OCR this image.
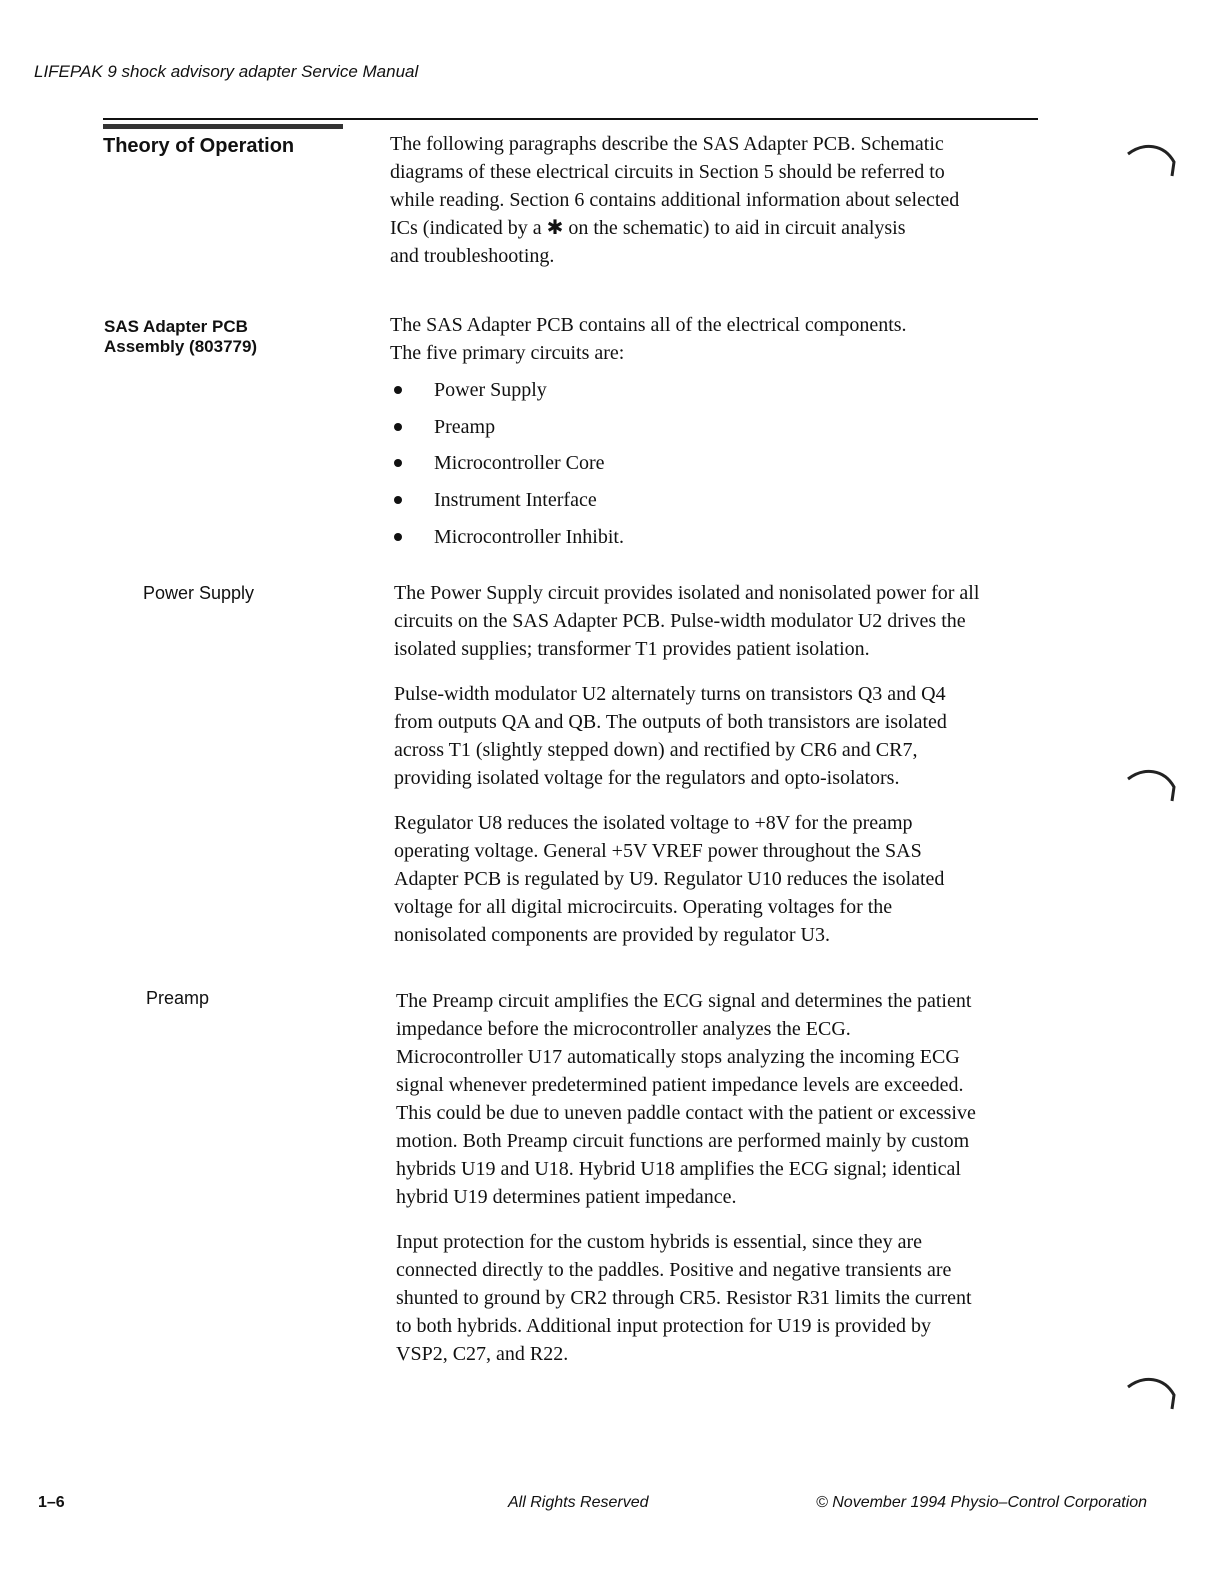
LIFEPAK 9 shock advisory adapter Service Manual
Theory of Operation	The following paragraphs describe the SAS Adapter PCB. Schematic
diagrams of these electrical circuits in Section 5 should be referred to
while reading. Section 6 contains additional information about selected
ICs (indicated by a ✱ on the schematic) to aid in circuit analysis
and troubleshooting.
SAS Adapter PCB
Assembly (803779)
The SAS Adapter PCB contains all of the electrical components.
The five primary circuits are:
Power Supply
Preamp
Microcontroller Core
Instrument Interface
Microcontroller Inhibit.
Power Supply	The Power Supply circuit provides isolated and nonisolated power for all
circuits on the SAS Adapter PCB. Pulse-width modulator U2 drives the
isolated supplies; transformer T1 provides patient isolation.
Pulse-width modulator U2 alternately turns on transistors Q3 and Q4
from outputs QA and QB. The outputs of both transistors are isolated
across T1 (slightly stepped down) and rectified by CR6 and CR7,
providing isolated voltage for the regulators and opto-isolators.
Regulator U8 reduces the isolated voltage to +8V for the preamp
operating voltage. General +5V VREF power throughout the SAS
Adapter PCB is regulated by U9. Regulator U10 reduces the isolated
voltage for all digital microcircuits. Operating voltages for the
nonisolated components are provided by regulator U3.
Preamp	The Preamp circuit amplifies the ECG signal and determines the patient
impedance before the microcontroller analyzes the ECG.
Microcontroller U17 automatically stops analyzing the incoming ECG
signal whenever predetermined patient impedance levels are exceeded.
This could be due to uneven paddle contact with the patient or excessive
motion. Both Preamp circuit functions are performed mainly by custom
hybrids U19 and U18. Hybrid U18 amplifies the ECG signal; identical
hybrid U19 determines patient impedance.
Input protection for the custom hybrids is essential, since they are
connected directly to the paddles. Positive and negative transients are
shunted to ground by CR2 through CR5. Resistor R31 limits the current
to both hybrids. Additional input protection for U19 is provided by
VSP2, C27, and R22.
1–6	All Rights Reserved	© November 1994 Physio–Control Corporation
